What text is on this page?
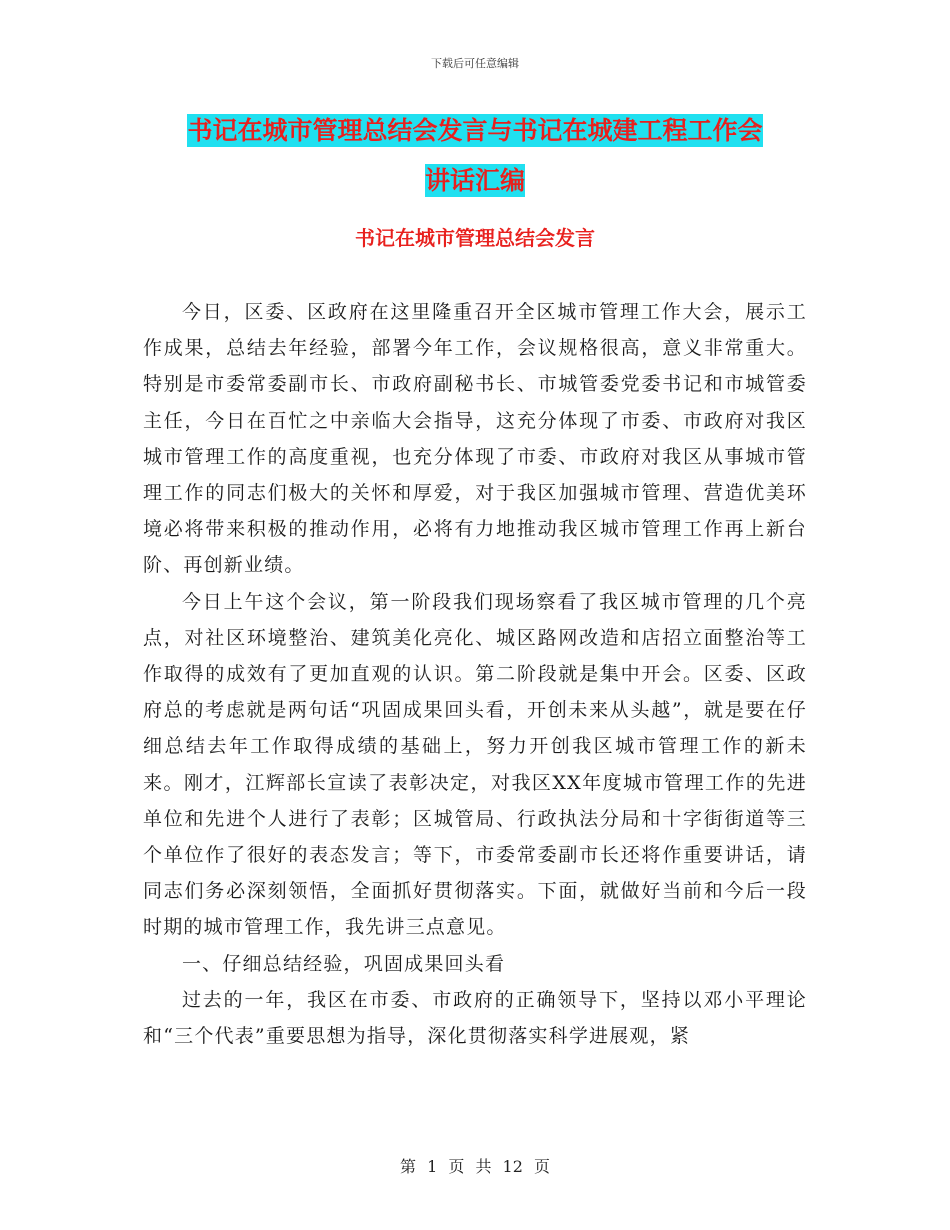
下载后可任意编辑
书记在城市管理总结会发言与书记在城建工程工作会
讲话汇编
书记在城市管理总结会发言

今日，区委、区政府在这里隆重召开全区城市管理工作大会，展示工作成果，总结去年经验，部署今年工作，会议规格很高，意义非常重大。特别是市委常委副市长、市政府副秘书长、市城管委党委书记和市城管委主任，今日在百忙之中亲临大会指导，这充分体现了市委、市政府对我区城市管理工作的高度重视，也充分体现了市委、市政府对我区从事城市管理工作的同志们极大的关怀和厚爱，对于我区加强城市管理、营造优美环境必将带来积极的推动作用，必将有力地推动我区城市管理工作再上新台阶、再创新业绩。

今日上午这个会议，第一阶段我们现场察看了我区城市管理的几个亮点，对社区环境整治、建筑美化亮化、城区路网改造和店招立面整治等工作取得的成效有了更加直观的认识。第二阶段就是集中开会。区委、区政府总的考虑就是两句话“巩固成果回头看，开创未来从头越”，就是要在仔细总结去年工作取得成绩的基础上，努力开创我区城市管理工作的新未来。刚才，江辉部长宣读了表彰决定，对我区XX年度城市管理工作的先进单位和先进个人进行了表彰；区城管局、行政执法分局和十字街街道等三个单位作了很好的表态发言；等下，市委常委副市长还将作重要讲话，请同志们务必深刻领悟，全面抓好贯彻落实。下面，就做好当前和今后一段时期的城市管理工作，我先讲三点意见。

一、仔细总结经验，巩固成果回头看

过去的一年，我区在市委、市政府的正确领导下，坚持以邓小平理论和“三个代表”重要思想为指导，深化贯彻落实科学进展观，紧

第 1 页 共 12 页
